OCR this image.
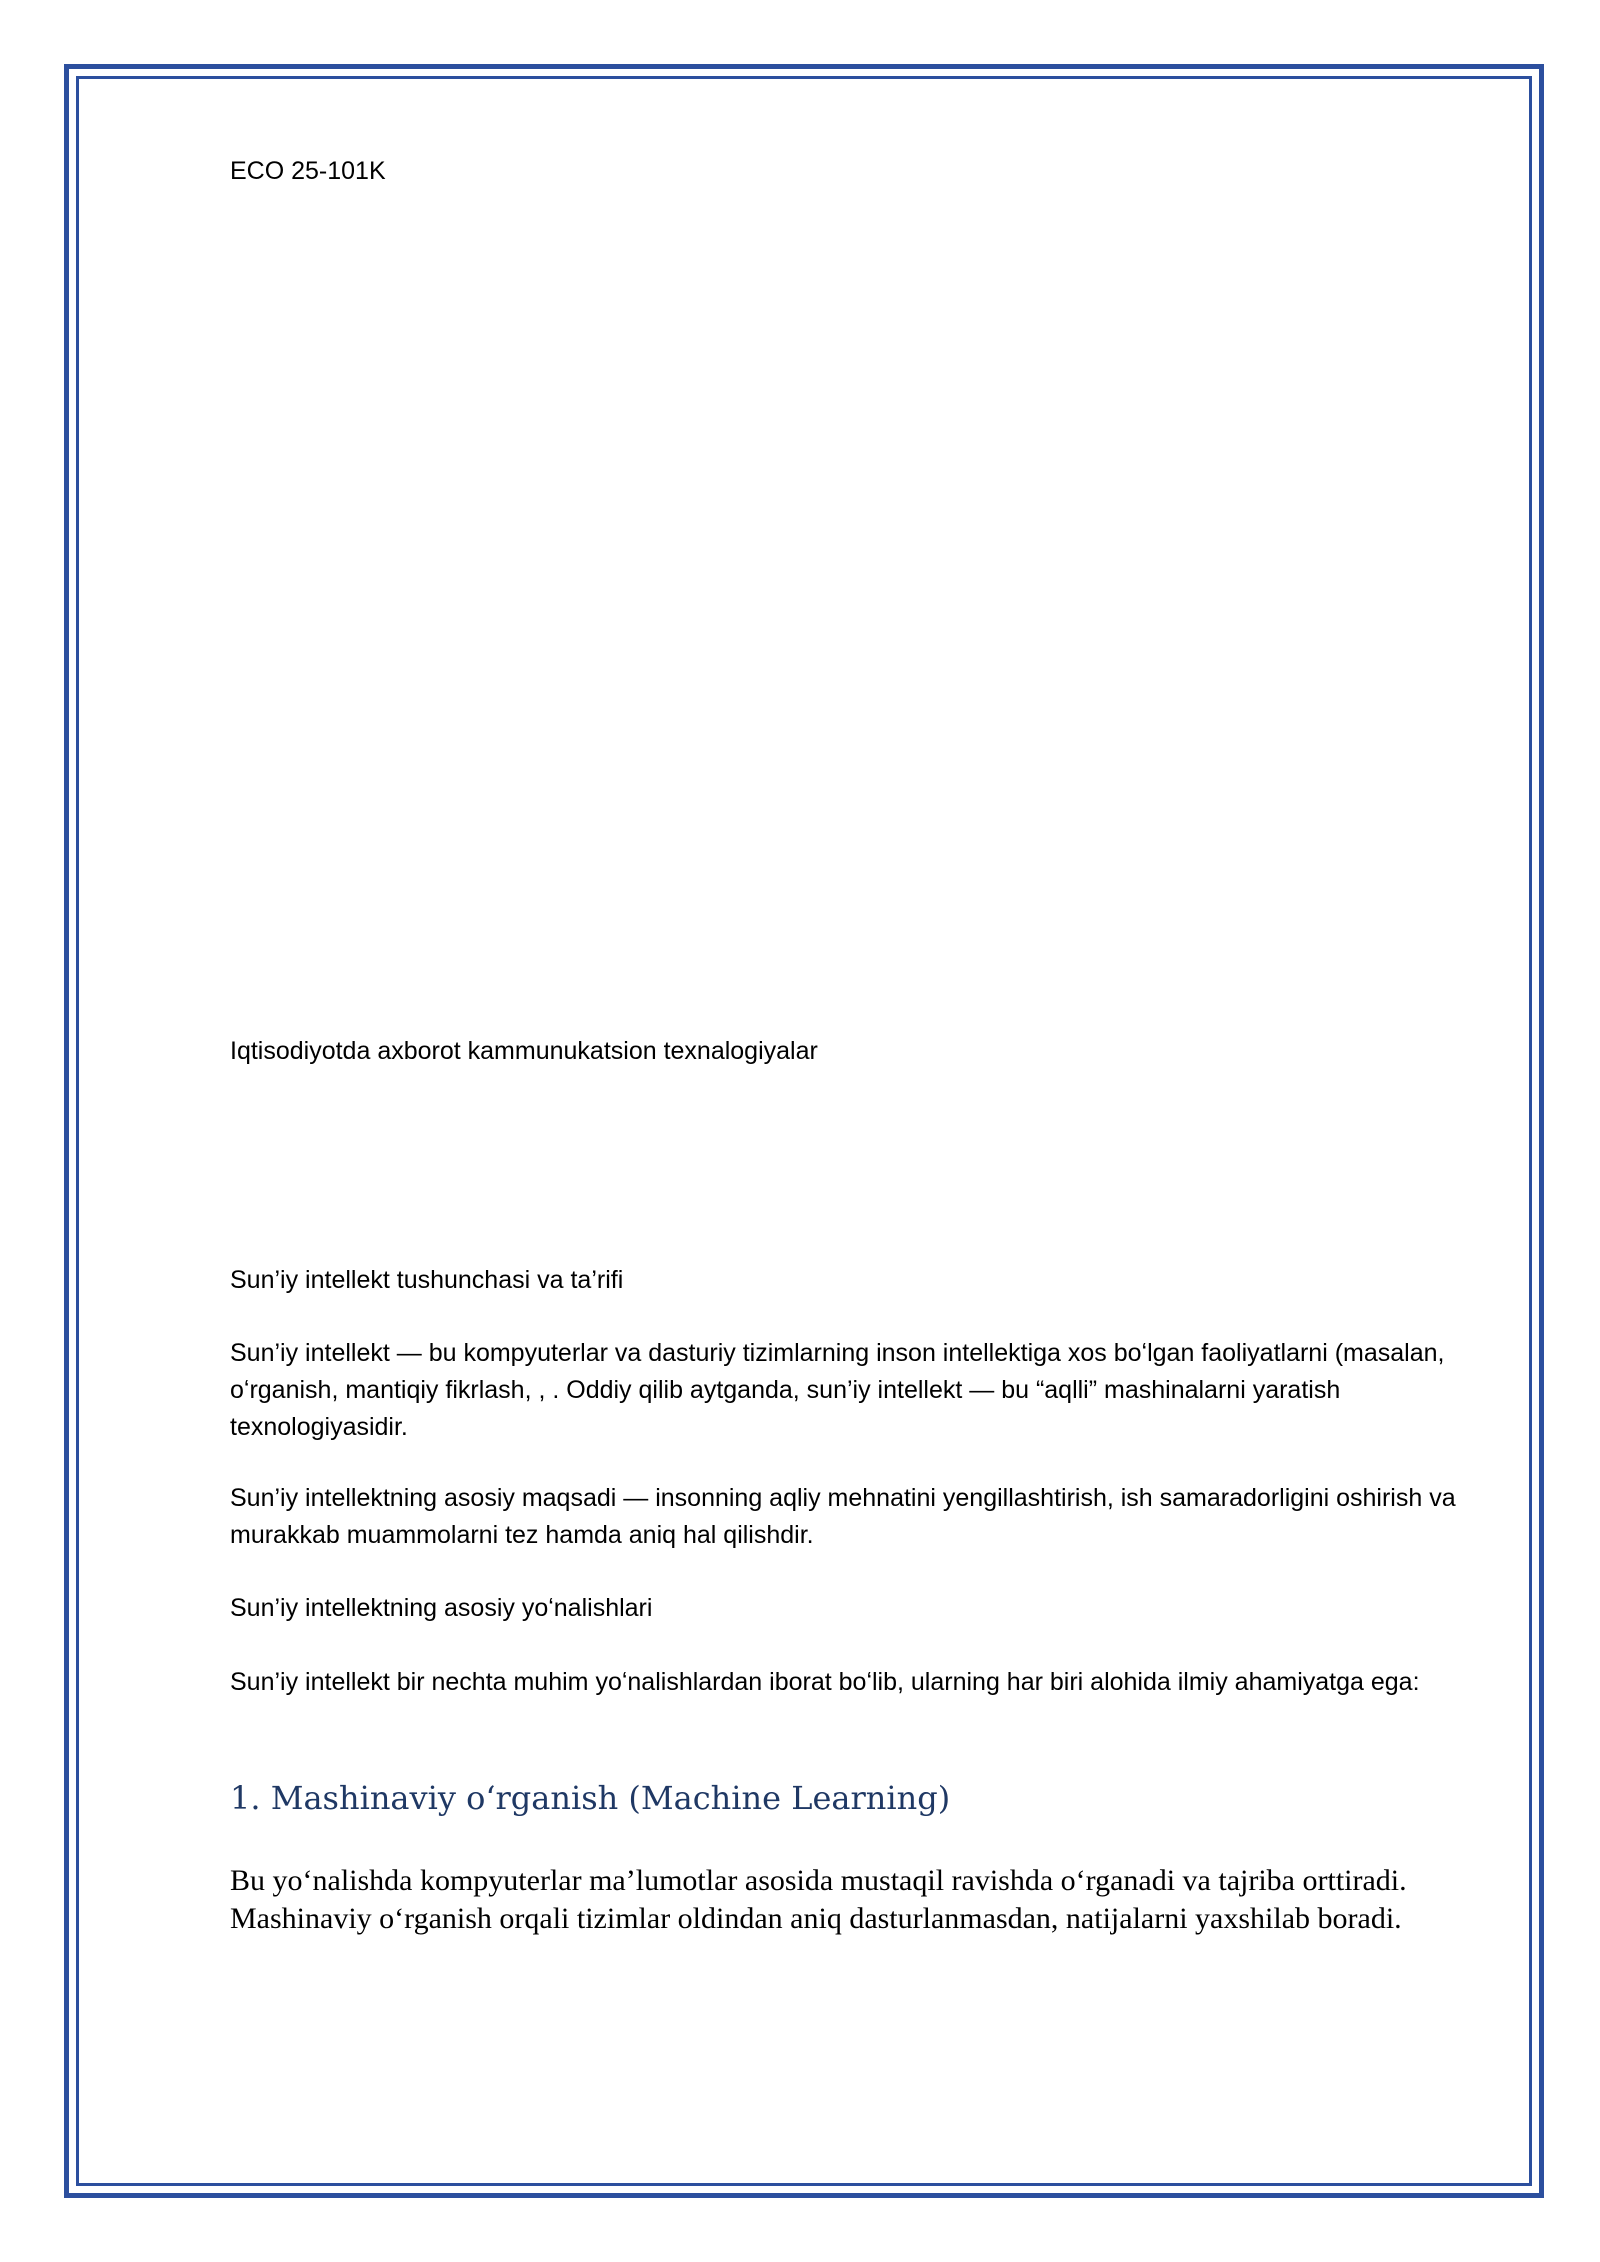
ECO 25-101K
Iqtisodiyotda axborot kammunukatsion texnalogiyalar
Sun’iy intellekt tushunchasi va ta’rifi

Sun’iy intellekt — bu kompyuterlar va dasturiy tizimlarning inson intellektiga xos boʻlgan faoliyatlarni (masalan, oʻrganish, mantiqiy fikrlash, , . Oddiy qilib aytganda, sun’iy intellekt — bu “aqlli” mashinalarni yaratish texnologiyasidir.

Sun’iy intellektning asosiy maqsadi — insonning aqliy mehnatini yengillashtirish, ish samaradorligini oshirish va murakkab muammolarni tez hamda aniq hal qilishdir.

Sun’iy intellektning asosiy yoʻnalishlari

Sun’iy intellekt bir nechta muhim yoʻnalishlardan iborat boʻlib, ularning har biri alohida ilmiy ahamiyatga ega:

1. Mashinaviy oʻrganish (Machine Learning)

Bu yoʻnalishda kompyuterlar ma’lumotlar asosida mustaqil ravishda oʻrganadi va tajriba orttiradi. Mashinaviy oʻrganish orqali tizimlar oldindan aniq dasturlanmasdan, natijalarni yaxshilab boradi.
